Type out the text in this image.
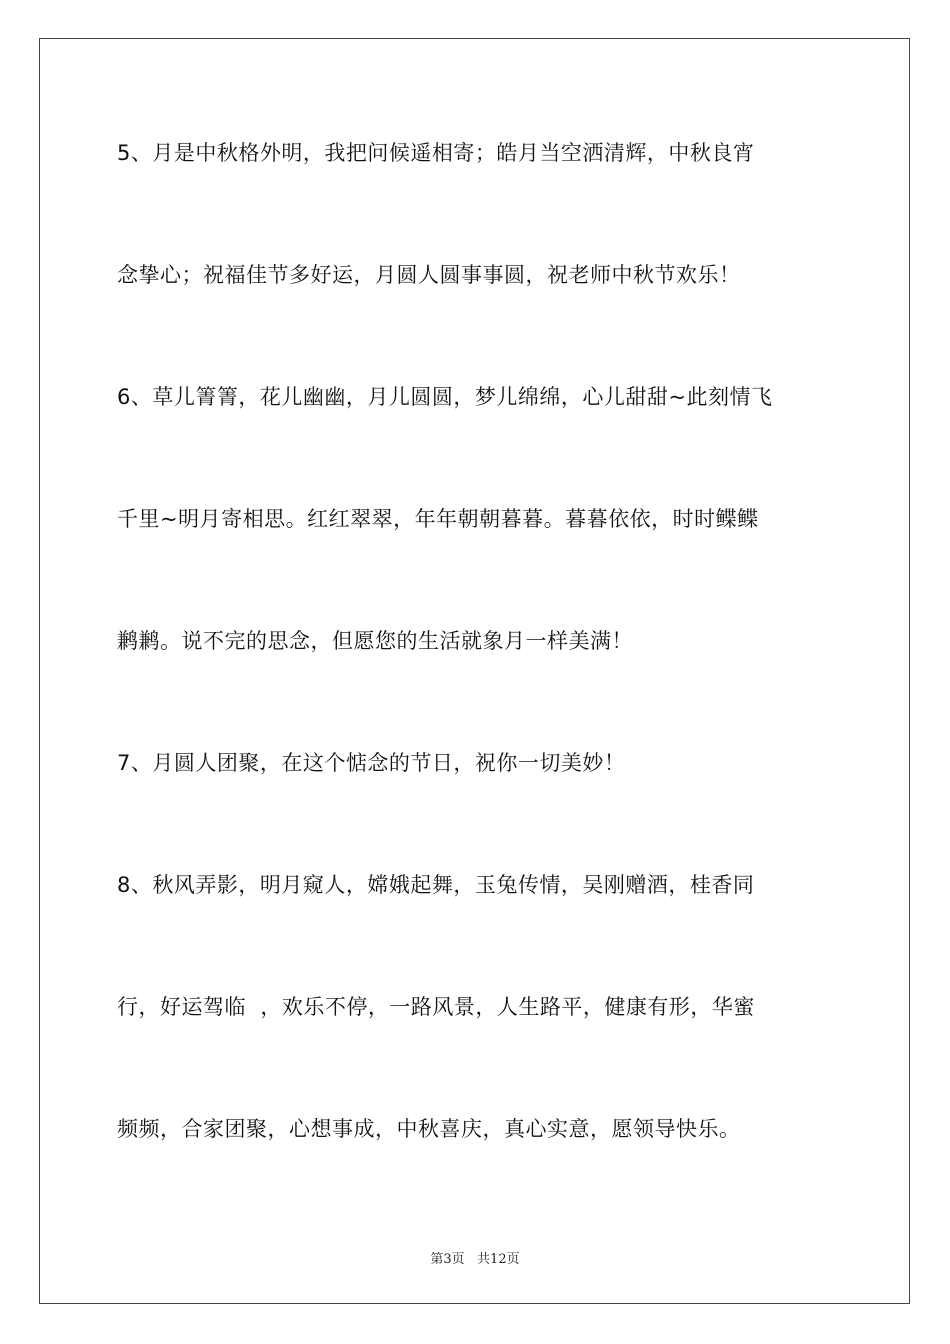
5、月是中秋格外明，我把问候遥相寄；皓月当空洒清辉，中秋良宵
念挚心；祝福佳节多好运，月圆人圆事事圆，祝老师中秋节欢乐！
6、草儿箐箐，花儿幽幽，月儿圆圆，梦儿绵绵，心儿甜甜~此刻情飞
千里~明月寄相思。红红翠翠，年年朝朝暮暮。暮暮依依，时时鲽鲽
鹣鹣。说不完的思念，但愿您的生活就象月一样美满！
7、月圆人团聚，在这个惦念的节日，祝你一切美妙！
8、秋风弄影，明月窥人，嫦娥起舞，玉兔传情，吴刚赠酒，桂香同
行，好运驾临  ，欢乐不停，一路风景，人生路平，健康有形，华蜜
频频，合家团聚，心想事成，中秋喜庆，真心实意，愿领导快乐。
第3页   共12页
